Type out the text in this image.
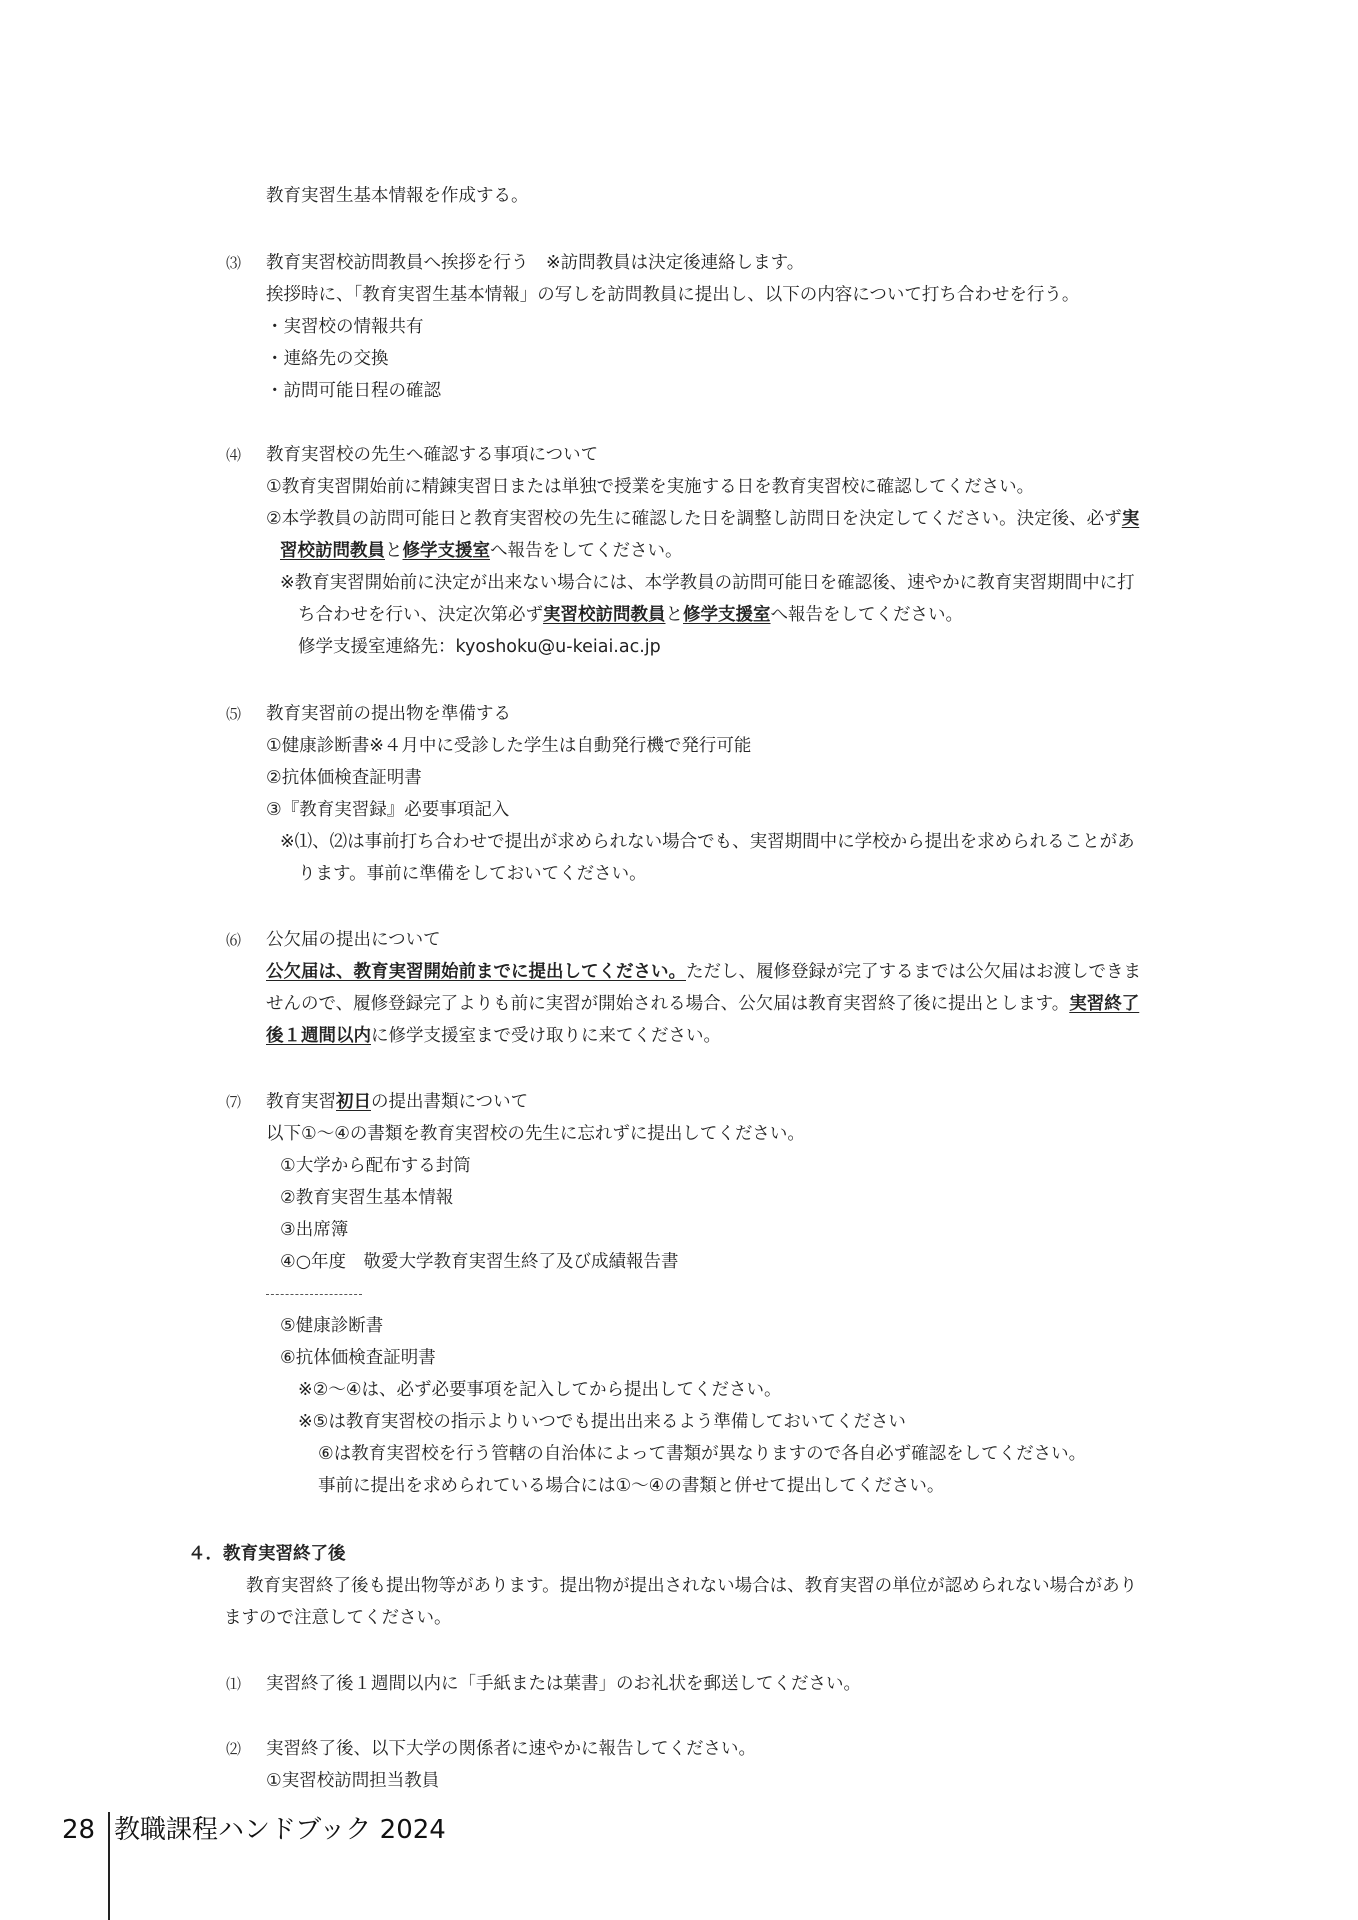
教育実習生基本情報を作成する。
⑶ 教育実習校訪問教員へ挨拶を行う　※訪問教員は決定後連絡します。
挨拶時に、「教育実習生基本情報」の写しを訪問教員に提出し、以下の内容について打ち合わせを行う。
・実習校の情報共有
・連絡先の交換
・訪問可能日程の確認
⑷ 教育実習校の先生へ確認する事項について
①教育実習開始前に精錬実習日または単独で授業を実施する日を教育実習校に確認してください。
②本学教員の訪問可能日と教育実習校の先生に確認した日を調整し訪問日を決定してください。決定後、必ず実
習校訪問教員と修学支援室へ報告をしてください。
※教育実習開始前に決定が出来ない場合には、本学教員の訪問可能日を確認後、速やかに教育実習期間中に打
ち合わせを行い、決定次第必ず実習校訪問教員と修学支援室へ報告をしてください。
修学支援室連絡先：kyoshoku@u-keiai.ac.jp
⑸ 教育実習前の提出物を準備する
①健康診断書※４月中に受診した学生は自動発行機で発行可能
②抗体価検査証明書
③『教育実習録』必要事項記入
※⑴、⑵は事前打ち合わせで提出が求められない場合でも、実習期間中に学校から提出を求められることがあ
ります。事前に準備をしておいてください。
⑹ 公欠届の提出について
公欠届は、教育実習開始前までに提出してください。ただし、履修登録が完了するまでは公欠届はお渡しできま
せんので、履修登録完了よりも前に実習が開始される場合、公欠届は教育実習終了後に提出とします。実習終了
後１週間以内に修学支援室まで受け取りに来てください。
⑺ 教育実習初日の提出書類について
以下①～④の書類を教育実習校の先生に忘れずに提出してください。
①大学から配布する封筒
②教育実習生基本情報
③出席簿
④○年度　敬愛大学教育実習生終了及び成績報告書
⑤健康診断書
⑥抗体価検査証明書
※②～④は、必ず必要事項を記入してから提出してください。
※⑤は教育実習校の指示よりいつでも提出出来るよう準備しておいてください
⑥は教育実習校を行う管轄の自治体によって書類が異なりますので各自必ず確認をしてください。
事前に提出を求められている場合には①～④の書類と併せて提出してください。
４．教育実習終了後
教育実習終了後も提出物等があります。提出物が提出されない場合は、教育実習の単位が認められない場合があり
ますので注意してください。
⑴ 実習終了後１週間以内に「手紙または葉書」のお礼状を郵送してください。
⑵ 実習終了後、以下大学の関係者に速やかに報告してください。
①実習校訪問担当教員
28 教職課程ハンドブック 2024
